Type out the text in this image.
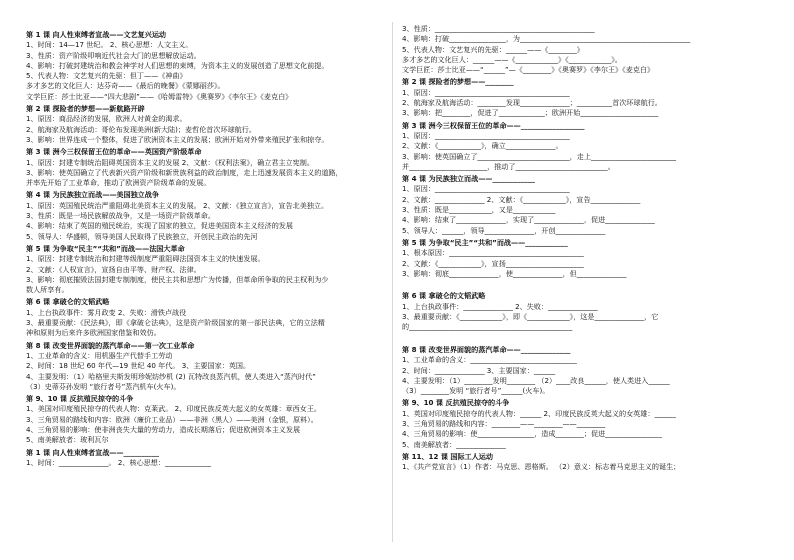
第 1 课 向人性束缚者宣战——文艺复兴运动
1、时间：14—17 世纪。 2、核心思想：人文主义。
3、性质：资产阶级叩响近代社会大门的思想解放运动。
4、影响：打破封建统治和教会神学对人们思想的束缚，为资本主义的发展创造了思想文化前提。
5、代表人物：文艺复兴的先驱：但丁——《神曲》
多才多艺的文化巨人：达芬奇——《最后的晚餐》《蒙娜丽莎》。
文学巨匠：莎士比亚——“四大悲剧”——《哈姆雷特》《奥赛罗》《李尔王》《麦克白》
第 2 课 探险者的梦想——新航路开辟
1、原因：商品经济的发展，欧洲人对黄金的渴求。
2、航海家及航海活动：哥伦布发现美洲(新大陆)；麦哲伦首次环球航行。
3、影响：世界连成一个整体，促进了欧洲资本主义的发展；欧洲开始对外带来殖民扩张和掠夺。
第 3 课 洲今三权保留王位的革命——英国资产阶级革命
1、原因：封建专制统治阻碍英国资本主义的发展 2、文献：《权利法案》，确立君主立宪制。
3、影响：使英国确立了代表新兴资产阶级和新贵族利益的政治制度，走上迅速发展资本主义的道路，
并率先开始了工业革命，推动了欧洲资产阶级革命的发展。
第 4 课 为民族独立而战——美国独立战争
1、原因：英国殖民统治严重阻碍北美资本主义的发展。 2、文献：《独立宣言》，宣告北美独立。
3、性质：既是一场民族解放战争，又是一场资产阶级革命。
4、影响：结束了英国的殖民统治，实现了国家的独立，促进美国资本主义经济的发展
5、领导人：华盛顿，领导美国人民取得了民族独立，开创民主政治的先河
第 5 课 为争取“民主”“共和”而战——法国大革命
1、原因：封建专制统治和封建等级制度严重阻碍法国资本主义的快速发展。
2、文献：《人权宣言》，宣扬自由平等、财产权、法律。
3、影响：彻底摧毁法国封建专制制度，使民主共和思想广为传播，但革命所争取的民主权利为少
数人所享有。
第 6 课 拿破仑的文韬武略
1、上台执政事件：雾月政变 2、失败：滑铁卢战役
3、最重要贡献：《民法典》，即《拿破仑法典》，这是资产阶级国家的第一部民法典，它的立法精
神和原则为后来许多欧洲国家借鉴和效仿。
第 8 课 改变世界面貌的蒸汽革命——第一次工业革命
1、工业革命的含义：用机器生产代替手工劳动
2、时间：18 世纪 60 年代—19 世纪 40 年代。 3、主要国家：英国。
4、主要发明：（1）哈格里夫斯发明珍妮纺纱机 (2) 瓦特改良蒸汽机，使人类进入“蒸汽时代”
（3）史蒂芬孙发明 “旅行者号”蒸汽机车(火车)。
第 9、10 课 反抗殖民掠夺的斗争
1、美国对印度殖民掠夺的代表人物：克莱武。 2、印度民族反英大起义的女英雄：章西女王。
3、三角贸易的路线和内容：欧洲（廉价工业品）——非洲（黑人）——美洲（金银，原料）。
4、三角贸易的影响：使非洲丧失大量的劳动力，造成长期落后；促进欧洲资本主义发展
5、南美解放者：玻利瓦尔
第 1 课 向人性束缚者宣战——__________
1、时间：______________。 2、核心思想：_____________
3、性质：_____________________________________________
4、影响：打破________________，为________________________________________________
5、代表人物：文艺复兴的先驱：______——《________》
多才多艺的文化巨人：______——《____________》《____________》。
文学巨匠：莎士比亚——“______”—《________》《奥赛罗》《李尔王》《麦克白》
第 2 课 探险者的梦想——________
1、原因：______________________________________
2、航海家及航海活动：________发现______________；__________首次环球航行。
3、影响：把________，促进了_____________；欧洲开始______________________
第 3 课 洲今三权保留王位的革命——__________________
1、原因：______________________________________
2、文献：《____________》，确立______________。
3、影响：使英国确立了__________________________，走上________________________
并______________________，推动了__________________________。
第 4 课 为民族独立而战——____________
1、原因：______________________________________
2、文献：______________ 2、文献：《____________》，宣告______________
3、性质：既是____________，又是____________
4、影响：结束了______________，实现了______________，促进______________
5、领导人：______，领导______________，开创______________
第 5 课 为争取“民主”“共和”而战——____________
1、根本原因：______________________________________
2、文献：《____________》，宣扬______________________
3、影响：彻底______________，使______________，但______________

第 6 课 拿破仑的文韬武略
1、上台执政事件：______________ 2、失败：______________
3、最重要贡献：《____________》，即《____________》，这是______________，它
的______________________________________________

第 8 课 改变世界面貌的蒸汽革命——______________
1、工业革命的含义：______________________________
2、时间：______________ 3、主要国家：______
4、主要发明：（1）________发明________ （2）____改良______，使人类进入______
（3）________发明 “旅行者号”______(火车)。
第 9、10 课 反抗殖民掠夺的斗争
1、英国对印度殖民掠夺的代表人物：______ 2、印度民族反英大起义的女英雄：______
3、三角贸易的路线和内容：________——________——________
4、三角贸易的影响：使________________，造成________；促进________________
5、南美解放者：______________
第 11、12 课 国际工人运动
1、《共产党宣言》（1）作者：马克思、恩格斯。 （2）意义：标志着马克思主义的诞生；
